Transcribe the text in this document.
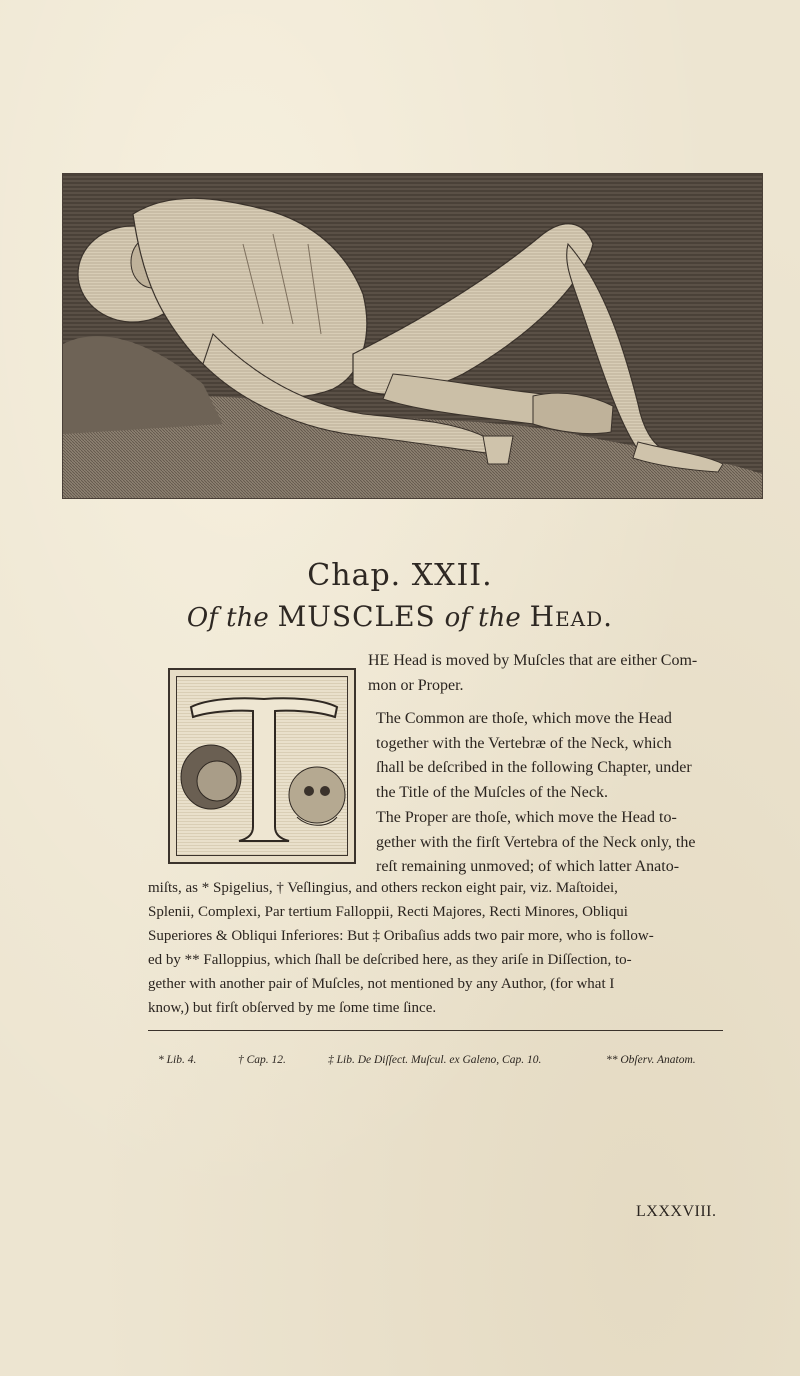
Chap. XXII.
Of the MUSCLES of the Head.

HE Head is moved by Muſcles that are either Com-

mon or Proper.

The Common are thoſe, which move the Head

together with the Vertebræ of the Neck, which

ſhall be deſcribed in the following Chapter, under

the Title of the Muſcles of the Neck.

The Proper are thoſe, which move the Head to-

gether with the firſt Vertebra of the Neck only, the

reſt remaining unmoved; of which latter Anato-

miſts, as * Spigelius, † Veſlingius, and others reckon eight pair, viz. Maſtoidei,

Splenii, Complexi, Par tertium Falloppii, Recti Majores, Recti Minores, Obliqui

Superiores & Obliqui Inferiores: But ‡ Oribaſius adds two pair more, who is follow-

ed by ** Falloppius, which ſhall be deſcribed here, as they ariſe in Diſſection, to-

gether with another pair of Muſcles, not mentioned by any Author, (for what I

know,) but firſt obſerved by me ſome time ſince.

* Lib. 4.	† Cap. 12.	‡ Lib. De Diſſect. Muſcul. ex Galeno, Cap. 10.	** Obſerv. Anatom.
LXXXVIII.
